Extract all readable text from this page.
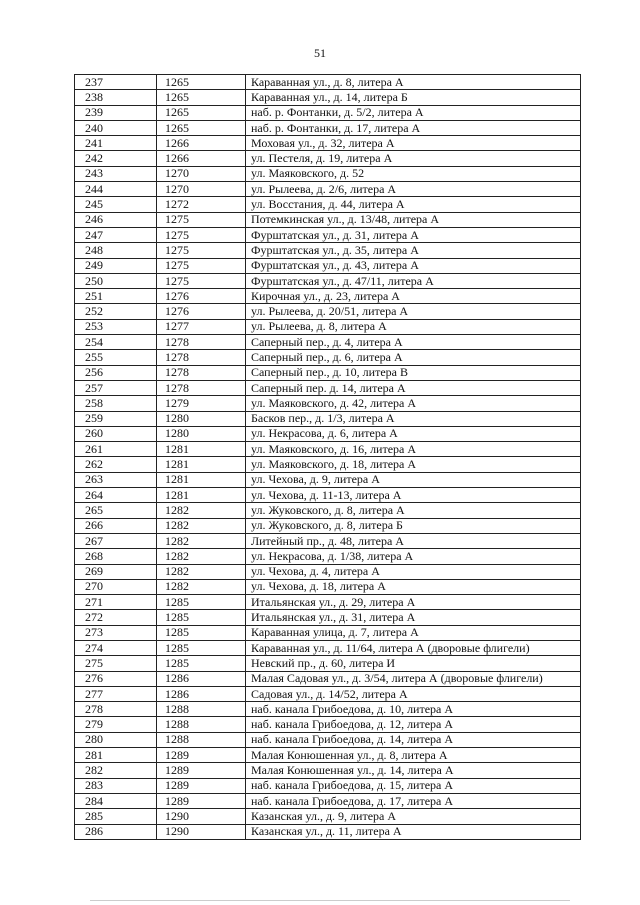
51
237	1265	Караванная ул., д. 8, литера А
238	1265	Караванная ул., д. 14, литера Б
239	1265	наб. р. Фонтанки, д. 5/2, литера А
240	1265	наб. р. Фонтанки, д. 17, литера А
241	1266	Моховая ул., д. 32, литера А
242	1266	ул. Пестеля, д. 19, литера А
243	1270	ул. Маяковского, д. 52
244	1270	ул. Рылеева, д. 2/6, литера А
245	1272	ул. Восстания, д. 44, литера А
246	1275	Потемкинская ул., д. 13/48, литера А
247	1275	Фурштатская ул., д. 31, литера А
248	1275	Фурштатская ул., д. 35, литера А
249	1275	Фурштатская ул., д. 43, литера А
250	1275	Фурштатская ул., д. 47/11, литера А
251	1276	Кирочная ул., д. 23, литера А
252	1276	ул. Рылеева, д. 20/51, литера А
253	1277	ул. Рылеева, д. 8, литера А
254	1278	Саперный пер., д. 4, литера А
255	1278	Саперный пер., д. 6, литера А
256	1278	Саперный пер., д. 10, литера В
257	1278	Саперный пер. д. 14, литера А
258	1279	ул. Маяковского, д. 42, литера А
259	1280	Басков пер., д. 1/3, литера А
260	1280	ул. Некрасова, д. 6, литера А
261	1281	ул. Маяковского, д. 16, литера А
262	1281	ул. Маяковского, д. 18, литера А
263	1281	ул. Чехова, д. 9, литера А
264	1281	ул. Чехова, д. 11-13, литера А
265	1282	ул. Жуковского, д. 8, литера А
266	1282	ул. Жуковского, д. 8, литера Б
267	1282	Литейный пр., д. 48, литера А
268	1282	ул. Некрасова, д. 1/38, литера А
269	1282	ул. Чехова, д. 4, литера А
270	1282	ул. Чехова, д. 18, литера А
271	1285	Итальянская ул., д. 29, литера А
272	1285	Итальянская ул., д. 31, литера А
273	1285	Караванная улица, д. 7, литера А
274	1285	Караванная ул., д. 11/64, литера А (дворовые флигели)
275	1285	Невский пр., д. 60, литера И
276	1286	Малая Садовая ул., д. 3/54, литера А (дворовые флигели)
277	1286	Садовая ул., д. 14/52, литера А
278	1288	наб. канала Грибоедова, д. 10, литера А
279	1288	наб. канала Грибоедова, д. 12, литера А
280	1288	наб. канала Грибоедова, д. 14, литера А
281	1289	Малая Конюшенная ул., д. 8, литера А
282	1289	Малая Конюшенная ул., д. 14, литера А
283	1289	наб. канала Грибоедова, д. 15, литера А
284	1289	наб. канала Грибоедова, д. 17, литера А
285	1290	Казанская ул., д. 9, литера А
286	1290	Казанская ул., д. 11, литера А
